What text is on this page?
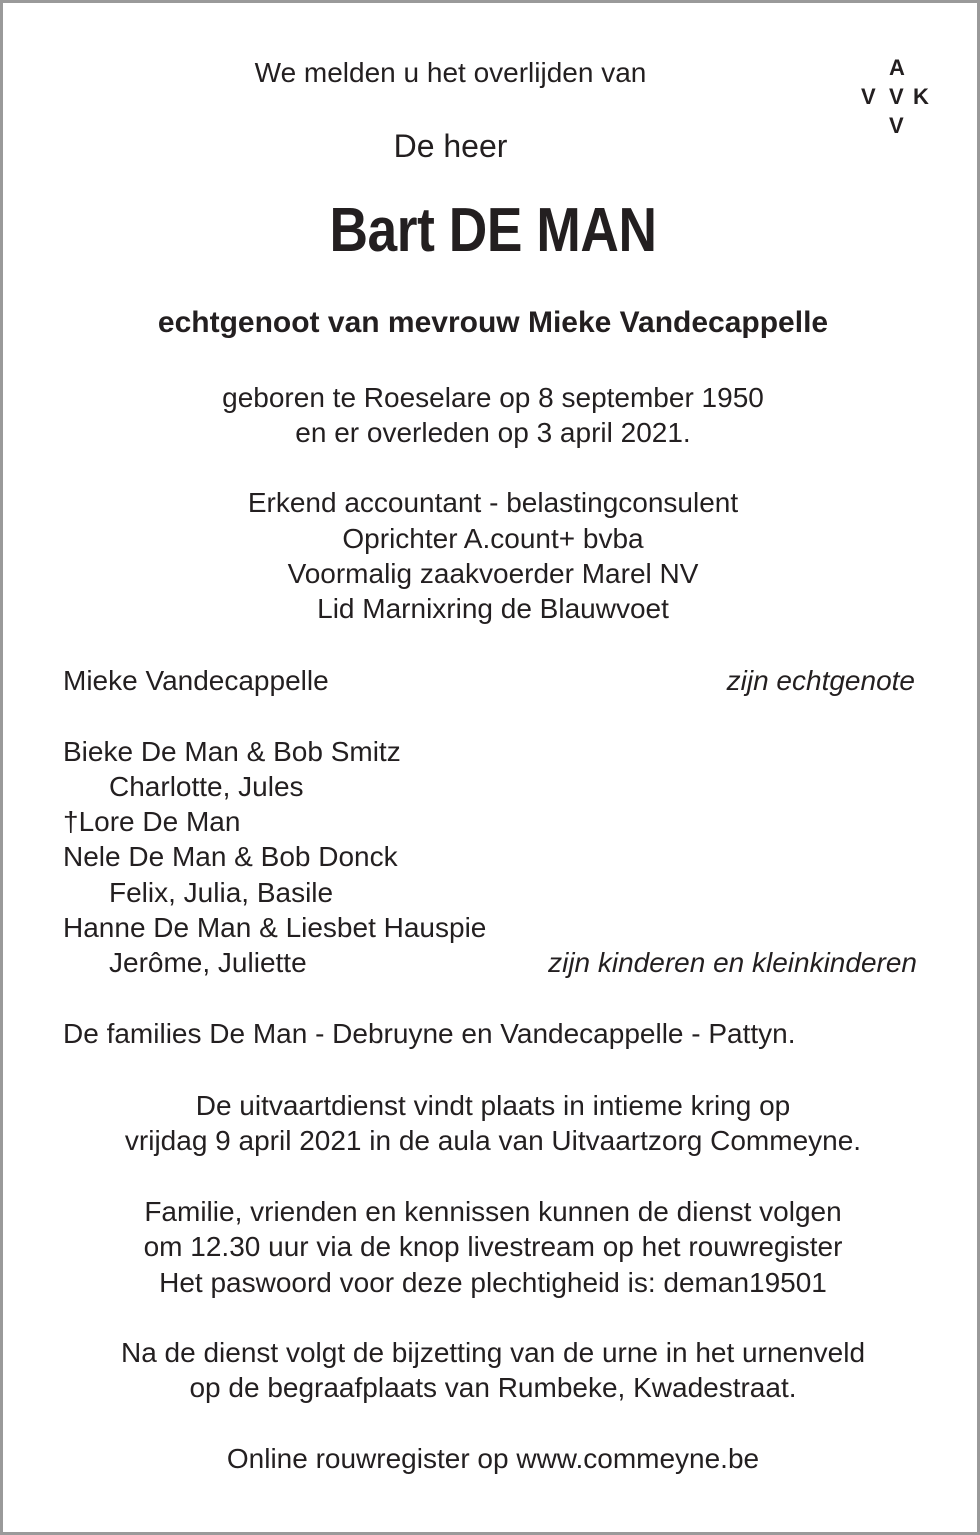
A
V V K
V
We melden u het overlijden van
De heer
Bart DE MAN
echtgenoot van mevrouw Mieke Vandecappelle
geboren te Roeselare op 8 september 1950
en er overleden op 3 april 2021.
Erkend accountant - belastingconsulent
Oprichter A.count+ bvba
Voormalig zaakvoerder Marel NV
Lid Marnixring de Blauwvoet
Mieke Vandecappelle	zijn echtgenote
Bieke De Man & Bob Smitz
Charlotte, Jules
†Lore De Man
Nele De Man & Bob Donck
Felix, Julia, Basile
Hanne De Man & Liesbet Hauspie
Jerôme, Juliette	zijn kinderen en kleinkinderen
De families De Man - Debruyne en Vandecappelle - Pattyn.
De uitvaartdienst vindt plaats in intieme kring op
vrijdag 9 april 2021 in de aula van Uitvaartzorg Commeyne.
Familie, vrienden en kennissen kunnen de dienst volgen
om 12.30 uur via de knop livestream op het rouwregister
Het paswoord voor deze plechtigheid is: deman19501
Na de dienst volgt de bijzetting van de urne in het urnenveld
op de begraafplaats van Rumbeke, Kwadestraat.
Online rouwregister op www.commeyne.be
